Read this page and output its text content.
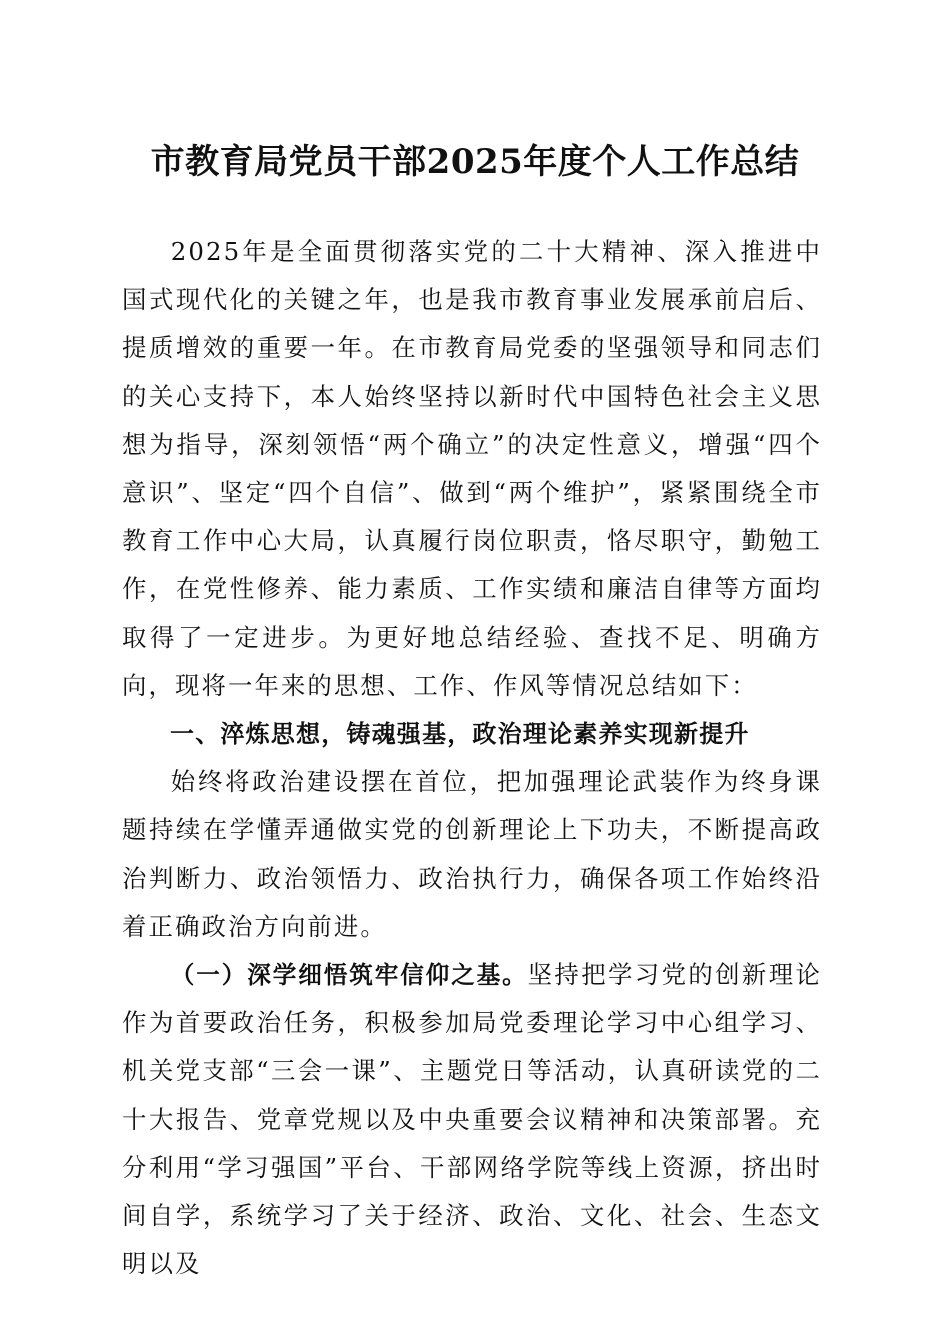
市教育局党员干部2025年度个人工作总结

2025年是全面贯彻落实党的二十大精神、深入推进中国式现代化的关键之年，也是我市教育事业发展承前启后、提质增效的重要一年。在市教育局党委的坚强领导和同志们的关心支持下，本人始终坚持以新时代中国特色社会主义思想为指导，深刻领悟“两个确立”的决定性意义，增强“四个意识”、坚定“四个自信”、做到“两个维护”，紧紧围绕全市教育工作中心大局，认真履行岗位职责，恪尽职守，勤勉工作，在党性修养、能力素质、工作实绩和廉洁自律等方面均取得了一定进步。为更好地总结经验、查找不足、明确方向，现将一年来的思想、工作、作风等情况总结如下：

一、淬炼思想，铸魂强基，政治理论素养实现新提升

始终将政治建设摆在首位，把加强理论武装作为终身课题持续在学懂弄通做实党的创新理论上下功夫，不断提高政治判断力、政治领悟力、政治执行力，确保各项工作始终沿着正确政治方向前进。

（一）深学细悟筑牢信仰之基。坚持把学习党的创新理论作为首要政治任务，积极参加局党委理论学习中心组学习、机关党支部“三会一课”、主题党日等活动，认真研读党的二十大报告、党章党规以及中央重要会议精神和决策部署。充分利用“学习强国”平台、干部网络学院等线上资源，挤出时间自学，系统学习了关于经济、政治、文化、社会、生态文明以及
